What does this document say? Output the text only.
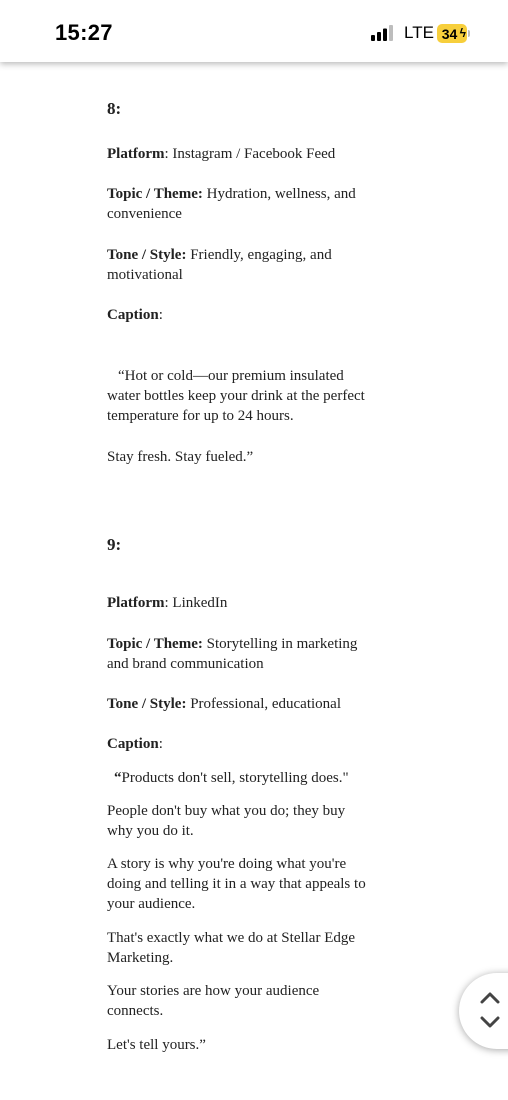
15:27	LTE 34 ϟ
8:

Platform: Instagram / Facebook Feed

Topic / Theme: Hydration, wellness, and
convenience

Tone / Style: Friendly, engaging, and
motivational

Caption:

“Hot or cold—our premium insulated
water bottles keep your drink at the perfect
temperature for up to 24 hours.

Stay fresh. Stay fueled.”

9:

Platform: LinkedIn

Topic / Theme: Storytelling in marketing
and brand communication

Tone / Style: Professional, educational

Caption:

“Products don't sell, storytelling does."

People don't buy what you do; they buy
why you do it.

A story is why you're doing what you're
doing and telling it in a way that appeals to
your audience.

That's exactly what we do at Stellar Edge
Marketing.

Your stories are how your audience
connects.

Let's tell yours.”
